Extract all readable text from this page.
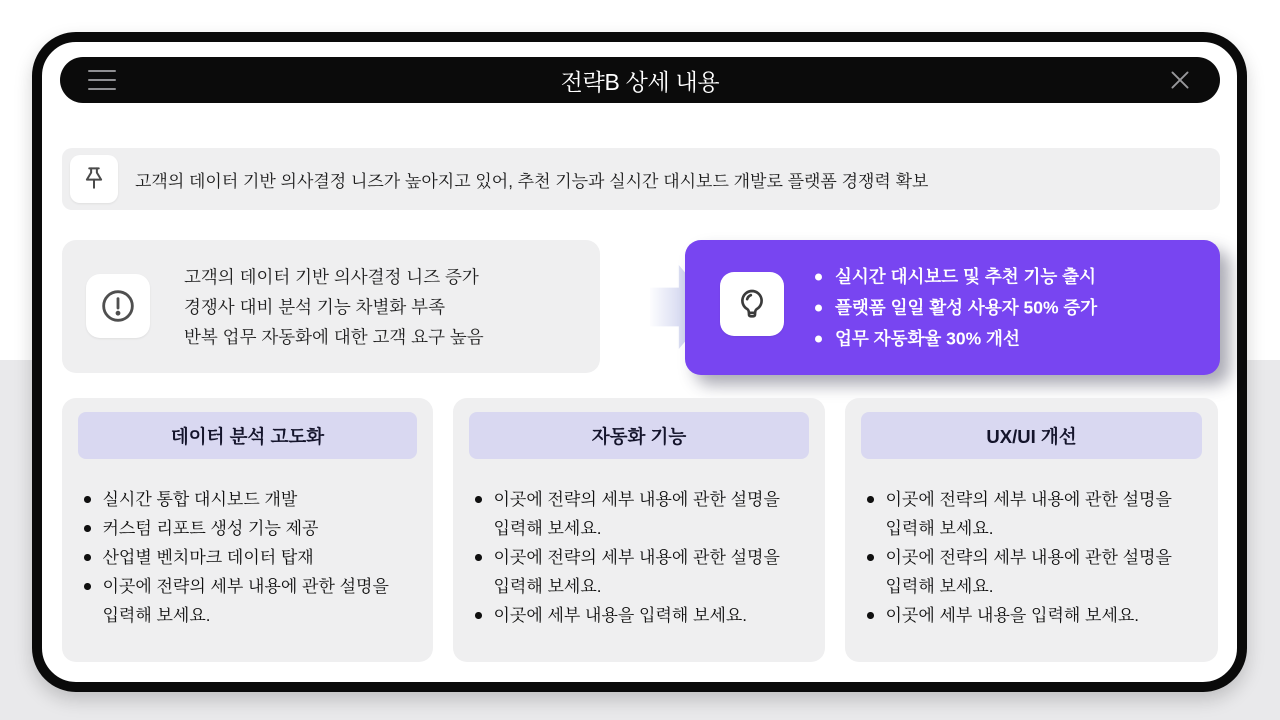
전략B 상세 내용
고객의 데이터 기반 의사결정 니즈가 높아지고 있어, 추천 기능과 실시간 대시보드 개발로 플랫폼 경쟁력 확보
고객의 데이터 기반 의사결정 니즈 증가
경쟁사 대비 분석 기능 차별화 부족
반복 업무 자동화에 대한 고객 요구 높음
실시간 대시보드 및 추천 기능 출시
플랫폼 일일 활성 사용자 50% 증가
업무 자동화율 30% 개선
데이터 분석 고도화
실시간 통합 대시보드 개발
커스텀 리포트 생성 기능 제공
산업별 벤치마크 데이터 탑재
이곳에 전략의 세부 내용에 관한 설명을 입력해 보세요.
자동화 기능
이곳에 전략의 세부 내용에 관한 설명을 입력해 보세요.
이곳에 전략의 세부 내용에 관한 설명을 입력해 보세요.
이곳에 세부 내용을 입력해 보세요.
UX/UI 개선
이곳에 전략의 세부 내용에 관한 설명을 입력해 보세요.
이곳에 전략의 세부 내용에 관한 설명을 입력해 보세요.
이곳에 세부 내용을 입력해 보세요.
